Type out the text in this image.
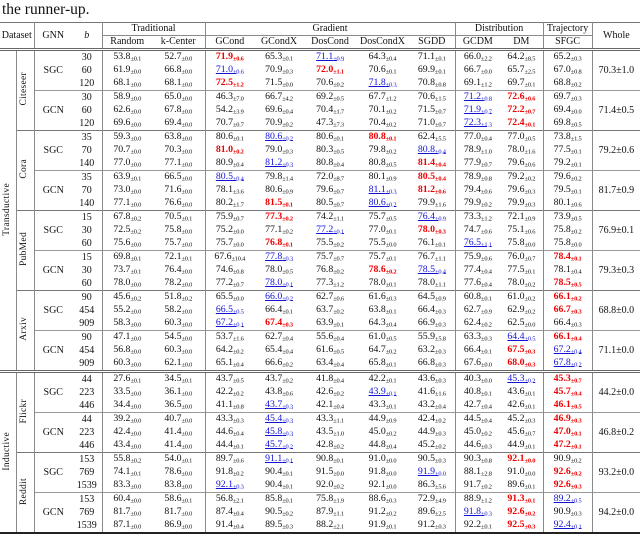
the runner-up.
Dataset		GNN	b	Traditional		Gradient					Distribution		Trajectory	Whole
				Random	k-Center	GCond	GCondX	DosCond	DosCondX	SGDD	GCDM	DM	SFGC	
Transductive	Citeseer	SGC	30	$53.8_{\pm 0.1}$	$52.7_{\pm 0.0}$	$71.9_{\pm 0.6}$	$65.3_{\pm 0.1}$	$71.1_{\pm 0.9}$	$64.3_{\pm 0.4}$	$71.1_{\pm 0.1}$	$66.0_{\pm 2.2}$	$64.2_{\pm 8.5}$	$65.2_{\pm 0.3}$	70.3±1.0
			60	$61.9_{\pm 0.0}$	$66.8_{\pm 0.0}$	$71.0_{\pm 0.6}$	$70.9_{\pm 0.3}$	$72.0_{\pm 1.1}$	$70.6_{\pm 0.1}$	$69.9_{\pm 0.1}$	$66.7_{\pm 0.0}$	$65.7_{\pm 2.5}$	$67.0_{\pm 0.8}$
			120	$68.1_{\pm 0.0}$	$68.1_{\pm 0.0}$	$72.5_{\pm 1.2}$	$71.5_{\pm 0.0}$	$70.6_{\pm 0.2}$	$71.8_{\pm 0.3}$	$70.8_{\pm 0.8}$	$69.1_{\pm 1.2}$	$69.7_{\pm 0.1}$	$68.8_{\pm 0.2}$
		GCN	30	$58.9_{\pm 0.0}$	$65.0_{\pm 0.0}$	$46.3_{\pm 7.0}$	$66.7_{\pm 4.2}$	$69.2_{\pm 0.5}$	$67.7_{\pm 1.2}$	$70.6_{\pm 1.5}$	$71.2_{\pm 0.8}$	$72.6_{\pm 0.6}$	$69.7_{\pm 0.3}$	71.4±0.5
			60	$62.6_{\pm 0.0}$	$67.8_{\pm 0.0}$	$54.2_{\pm 3.9}$	$69.6_{\pm 0.4}$	$70.4_{\pm 1.7}$	$70.1_{\pm 0.2}$	$71.5_{\pm 0.7}$	$71.9_{\pm 0.7}$	$72.2_{\pm 0.7}$	$69.4_{\pm 0.0}$
			120	$69.6_{\pm 0.0}$	$69.4_{\pm 0.0}$	$70.7_{\pm 0.7}$	$70.9_{\pm 0.2}$	$47.3_{\pm 7.3}$	$70.4_{\pm 0.2}$	$71.0_{\pm 0.7}$	$72.3_{\pm 1.3}$	$72.4_{\pm 0.1}$	$69.8_{\pm 0.5}$
	Cora	SGC	35	$59.3_{\pm 0.0}$	$63.8_{\pm 0.0}$	$80.6_{\pm 0.1}$	$80.6_{\pm 0.2}$	$80.6_{\pm 0.1}$	$80.8_{\pm 0.1}$	$62.4_{\pm 5.5}$	$77.0_{\pm 0.4}$	$77.0_{\pm 0.5}$	$73.8_{\pm 1.5}$	79.2±0.6
			70	$70.7_{\pm 0.0}$	$70.3_{\pm 0.0}$	$81.0_{\pm 0.2}$	$79.0_{\pm 0.3}$	$80.3_{\pm 0.5}$	$79.8_{\pm 0.2}$	$80.8_{\pm 0.4}$	$78.9_{\pm 1.0}$	$78.0_{\pm 1.6}$	$77.5_{\pm 0.1}$
			140	$77.0_{\pm 0.0}$	$77.1_{\pm 0.0}$	$80.9_{\pm 0.4}$	$81.2_{\pm 0.3}$	$80.8_{\pm 0.4}$	$80.8_{\pm 0.5}$	$81.4_{\pm 0.4}$	$77.9_{\pm 0.7}$	$79.6_{\pm 0.6}$	$79.2_{\pm 0.1}$
		GCN	35	$63.9_{\pm 0.1}$	$66.5_{\pm 0.0}$	$80.5_{\pm 0.4}$	$79.8_{\pm 1.4}$	$72.0_{\pm 8.7}$	$80.1_{\pm 0.9}$	$80.5_{\pm 0.4}$	$78.9_{\pm 0.8}$	$79.2_{\pm 0.2}$	$79.6_{\pm 0.2}$	81.7±0.9
			70	$73.0_{\pm 0.0}$	$71.6_{\pm 0.0}$	$78.1_{\pm 3.6}$	$80.6_{\pm 0.9}$	$79.6_{\pm 0.7}$	$81.1_{\pm 0.3}$	$81.2_{\pm 0.6}$	$79.4_{\pm 0.6}$	$79.6_{\pm 0.3}$	$79.5_{\pm 0.1}$
			140	$77.1_{\pm 0.0}$	$76.6_{\pm 0.0}$	$80.2_{\pm 1.7}$	$81.5_{\pm 0.1}$	$80.5_{\pm 0.7}$	$80.6_{\pm 0.2}$	$79.9_{\pm 1.6}$	$79.9_{\pm 0.2}$	$79.9_{\pm 0.3}$	$80.1_{\pm 0.6}$
	PubMed	SGC	15	$67.8_{\pm 0.2}$	$70.5_{\pm 0.1}$	$75.9_{\pm 0.7}$	$77.3_{\pm 0.2}$	$74.2_{\pm 1.1}$	$75.7_{\pm 0.5}$	$76.4_{\pm 0.9}$	$73.3_{\pm 1.2}$	$72.1_{\pm 0.9}$	$73.9_{\pm 0.5}$	76.9±0.1
			30	$72.5_{\pm 0.2}$	$75.8_{\pm 0.0}$	$75.2_{\pm 0.0}$	$77.1_{\pm 0.2}$	$77.2_{\pm 0.1}$	$77.0_{\pm 0.1}$	$78.0_{\pm 0.3}$	$74.7_{\pm 0.6}$	$75.1_{\pm 0.6}$	$75.8_{\pm 0.2}$
			60	$75.6_{\pm 0.0}$	$75.7_{\pm 0.0}$	$75.7_{\pm 0.0}$	$76.8_{\pm 0.1}$	$75.5_{\pm 0.2}$	$75.5_{\pm 0.0}$	$76.1_{\pm 0.1}$	$76.5_{\pm 1.1}$	$75.8_{\pm 0.0}$	$75.8_{\pm 0.0}$
		GCN	15	$69.8_{\pm 0.1}$	$72.1_{\pm 0.1}$	$67.6_{\pm 10.4}$	$77.8_{\pm 0.3}$	$75.7_{\pm 0.7}$	$75.7_{\pm 0.1}$	$76.7_{\pm 1.1}$	$75.9_{\pm 0.6}$	$76.0_{\pm 0.7}$	$78.4_{\pm 0.1}$	79.3±0.3
			30	$73.7_{\pm 0.1}$	$76.4_{\pm 0.0}$	$74.6_{\pm 0.8}$	$78.0_{\pm 0.5}$	$76.8_{\pm 0.2}$	$78.6_{\pm 0.2}$	$78.5_{\pm 0.4}$	$77.4_{\pm 0.4}$	$77.5_{\pm 0.1}$	$78.1_{\pm 0.4}$
			60	$78.0_{\pm 0.0}$	$78.2_{\pm 0.0}$	$77.2_{\pm 0.7}$	$78.0_{\pm 0.1}$	$77.3_{\pm 1.2}$	$78.0_{\pm 0.1}$	$78.0_{\pm 1.1}$	$77.6_{\pm 0.4}$	$78.0_{\pm 0.2}$	$78.5_{\pm 0.5}$
	Arxiv	SGC	90	$45.6_{\pm 0.2}$	$51.8_{\pm 0.2}$	$65.5_{\pm 0.0}$	$66.0_{\pm 0.2}$	$62.7_{\pm 0.6}$	$61.6_{\pm 0.3}$	$64.5_{\pm 0.9}$	$60.8_{\pm 0.1}$	$61.0_{\pm 0.2}$	$66.1_{\pm 0.2}$	68.8±0.0
			454	$55.2_{\pm 0.0}$	$58.2_{\pm 0.0}$	$66.5_{\pm 0.5}$	$66.4_{\pm 0.1}$	$63.7_{\pm 0.2}$	$63.8_{\pm 0.1}$	$66.4_{\pm 0.3}$	$62.7_{\pm 0.9}$	$62.9_{\pm 0.2}$	$66.7_{\pm 0.3}$
			909	$58.3_{\pm 0.0}$	$60.3_{\pm 0.0}$	$67.2_{\pm 0.1}$	$67.4_{\pm 0.3}$	$63.9_{\pm 0.1}$	$64.3_{\pm 0.4}$	$66.9_{\pm 0.3}$	$62.4_{\pm 0.2}$	$62.5_{\pm 0.0}$	$66.4_{\pm 0.3}$
		GCN	90	$47.1_{\pm 0.0}$	$54.5_{\pm 0.0}$	$53.7_{\pm 1.6}$	$62.7_{\pm 0.4}$	$55.6_{\pm 0.4}$	$61.0_{\pm 0.5}$	$55.9_{\pm 5.8}$	$63.3_{\pm 0.3}$	$64.4_{\pm 0.5}$	$66.1_{\pm 0.4}$	71.1±0.0
			454	$56.8_{\pm 0.0}$	$60.3_{\pm 0.0}$	$64.2_{\pm 0.2}$	$65.4_{\pm 0.4}$	$61.6_{\pm 0.5}$	$64.7_{\pm 0.2}$	$63.2_{\pm 0.3}$	$66.4_{\pm 0.1}$	$67.5_{\pm 0.3}$	$67.2_{\pm 0.4}$
			909	$60.3_{\pm 0.0}$	$62.1_{\pm 0.0}$	$65.1_{\pm 0.4}$	$66.6_{\pm 0.2}$	$63.4_{\pm 0.4}$	$65.8_{\pm 0.1}$	$66.8_{\pm 0.3}$	$67.6_{\pm 0.0}$	$68.0_{\pm 0.3}$	$67.8_{\pm 0.2}$
Inductive	Flickr	SGC	44	$27.6_{\pm 0.1}$	$34.5_{\pm 0.1}$	$43.7_{\pm 0.5}$	$43.7_{\pm 0.2}$	$41.8_{\pm 0.4}$	$42.2_{\pm 0.1}$	$43.6_{\pm 0.3}$	$40.3_{\pm 0.0}$	$45.3_{\pm 0.2}$	$45.3_{\pm 0.7}$	44.2±0.0
			223	$33.5_{\pm 0.0}$	$36.1_{\pm 0.0}$	$42.2_{\pm 0.2}$	$43.8_{\pm 0.6}$	$42.6_{\pm 0.2}$	$43.9_{\pm 0.1}$	$41.6_{\pm 1.6}$	$40.8_{\pm 0.1}$	$43.6_{\pm 0.1}$	$45.7_{\pm 0.4}$
			446	$34.4_{\pm 0.0}$	$36.5_{\pm 0.0}$	$41.1_{\pm 0.8}$	$43.7_{\pm 0.3}$	$42.1_{\pm 0.4}$	$43.3_{\pm 0.1}$	$43.2_{\pm 0.4}$	$42.7_{\pm 0.4}$	$42.6_{\pm 0.1}$	$46.1_{\pm 0.5}$
		GCN	44	$39.2_{\pm 0.0}$	$40.7_{\pm 0.0}$	$43.3_{\pm 0.3}$	$45.4_{\pm 0.3}$	$43.3_{\pm 1.1}$	$44.9_{\pm 0.9}$	$42.4_{\pm 0.2}$	$44.5_{\pm 0.4}$	$45.2_{\pm 0.3}$	$46.9_{\pm 0.3}$	46.8±0.2
			223	$42.4_{\pm 0.0}$	$41.4_{\pm 0.0}$	$44.6_{\pm 0.4}$	$45.8_{\pm 0.3}$	$43.5_{\pm 1.0}$	$45.0_{\pm 0.2}$	$44.9_{\pm 0.3}$	$45.0_{\pm 0.2}$	$45.6_{\pm 0.7}$	$47.0_{\pm 0.1}$
			446	$43.4_{\pm 0.0}$	$41.4_{\pm 0.0}$	$44.4_{\pm 0.1}$	$45.7_{\pm 0.2}$	$42.8_{\pm 0.2}$	$44.8_{\pm 0.4}$	$45.2_{\pm 0.2}$	$44.6_{\pm 0.3}$	$44.9_{\pm 0.1}$	$47.2_{\pm 0.1}$
	Reddit	SGC	153	$55.8_{\pm 0.2}$	$54.0_{\pm 0.1}$	$89.7_{\pm 0.6}$	$91.1_{\pm 0.1}$	$90.8_{\pm 0.1}$	$91.0_{\pm 0.0}$	$90.5_{\pm 0.3}$	$90.3_{\pm 0.8}$	$92.1_{\pm 0.0}$	$90.9_{\pm 0.2}$	93.2±0.0
			769	$74.1_{\pm 0.1}$	$78.6_{\pm 0.0}$	$91.8_{\pm 0.2}$	$90.4_{\pm 0.1}$	$91.5_{\pm 0.0}$	$91.8_{\pm 0.0}$	$91.9_{\pm 0.0}$	$88.1_{\pm 2.8}$	$91.0_{\pm 0.0}$	$92.6_{\pm 0.2}$
			1539	$83.3_{\pm 0.0}$	$83.8_{\pm 0.0}$	$92.1_{\pm 0.3}$	$90.4_{\pm 0.1}$	$92.0_{\pm 0.2}$	$92.1_{\pm 0.0}$	$86.3_{\pm 5.6}$	$91.7_{\pm 0.2}$	$89.6_{\pm 0.1}$	$92.6_{\pm 0.3}$
		GCN	153	$60.4_{\pm 0.0}$	$58.6_{\pm 0.1}$	$56.8_{\pm 2.1}$	$85.8_{\pm 0.1}$	$75.8_{\pm 1.9}$	$88.6_{\pm 0.3}$	$72.9_{\pm 4.9}$	$88.9_{\pm 1.2}$	$91.3_{\pm 0.1}$	$89.2_{\pm 0.5}$	94.2±0.0
			769	$81.7_{\pm 0.0}$	$81.7_{\pm 0.0}$	$87.4_{\pm 0.4}$	$90.5_{\pm 0.2}$	$87.9_{\pm 1.1}$	$91.2_{\pm 0.2}$	$89.6_{\pm 2.5}$	$91.8_{\pm 0.3}$	$92.6_{\pm 0.2}$	$90.9_{\pm 0.3}$
			1539	$87.1_{\pm 0.0}$	$86.9_{\pm 0.0}$	$91.4_{\pm 0.4}$	$89.5_{\pm 0.3}$	$88.2_{\pm 2.1}$	$91.9_{\pm 0.1}$	$91.2_{\pm 0.3}$	$92.2_{\pm 0.1}$	$92.5_{\pm 0.3}$	$92.4_{\pm 0.1}$
